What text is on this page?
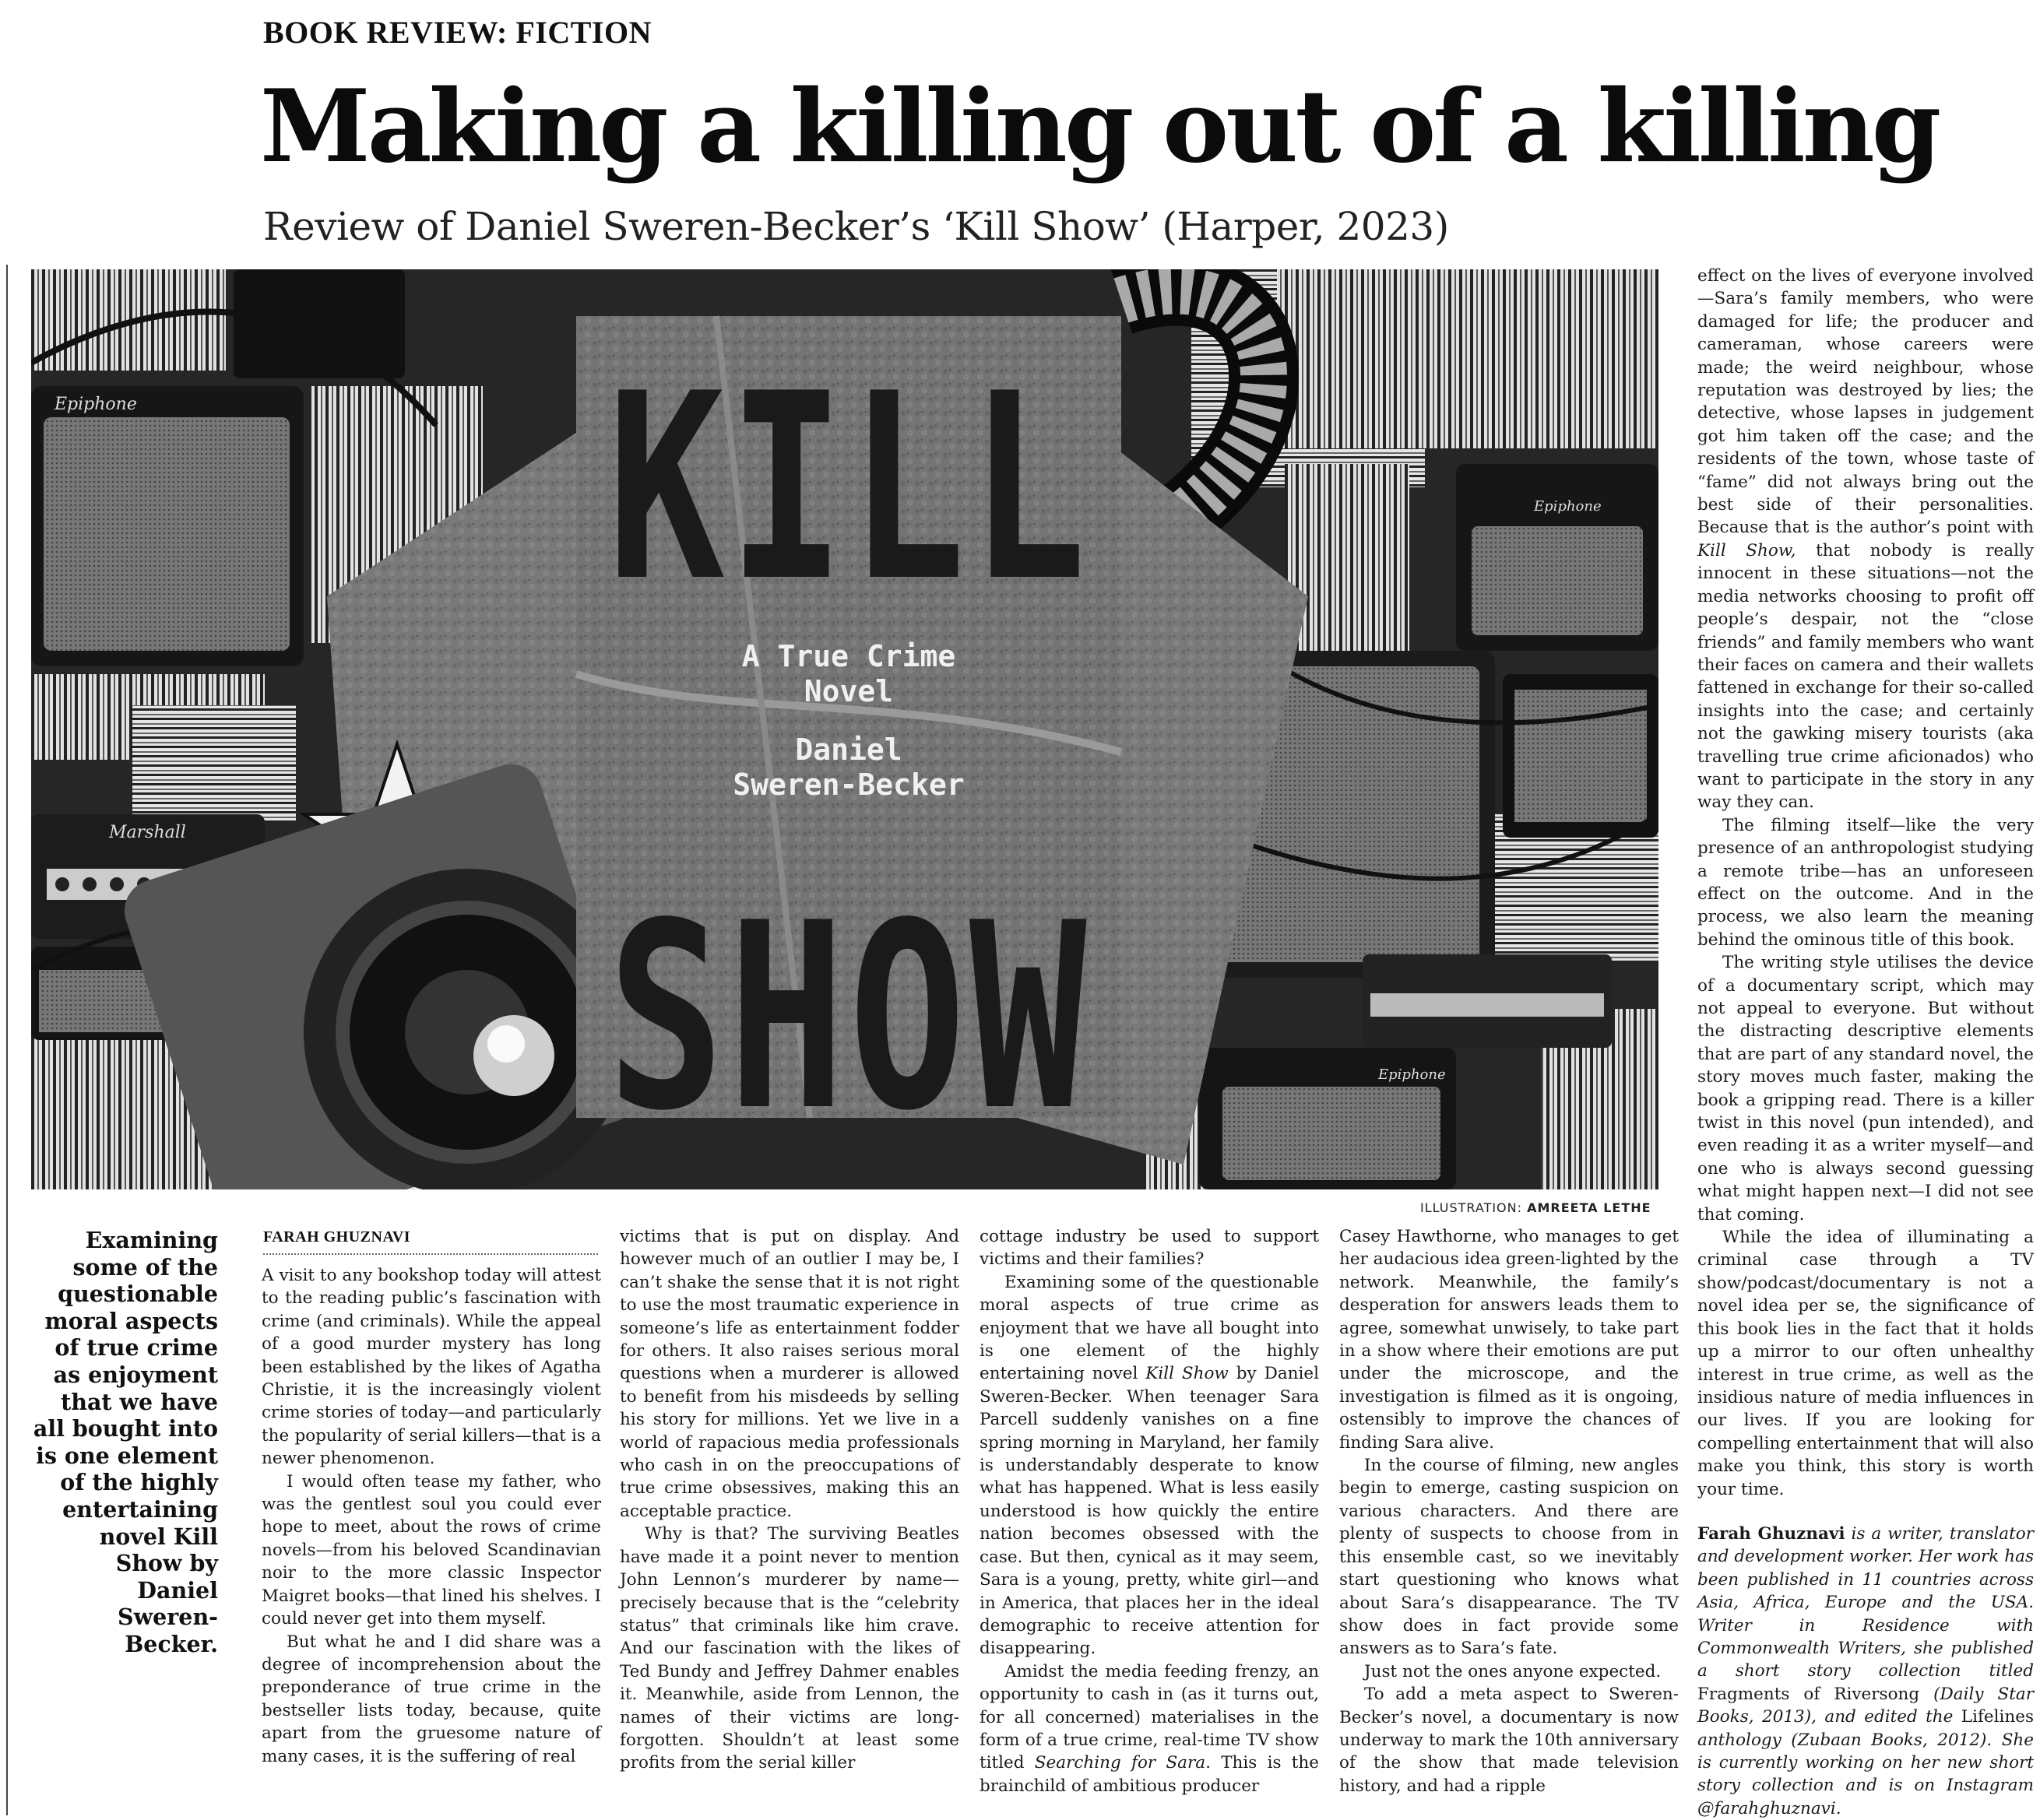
BOOK REVIEW: FICTION
Making a killing out of a killing
Review of Daniel Sweren-Becker’s ‘Kill Show’ (Harper, 2023)
Epiphone
Marshall
Epiphone
Epiphone
KILL
SHOW
A True Crime
Novel
Daniel
Sweren-Becker
ILLUSTRATION: AMREETA LETHE
Examining some of the questionable moral aspects of true crime as enjoyment that we have all bought into is one element of the highly entertaining novel Kill Show by Daniel Sweren-Becker.
FARAH GHUZNAVI

A visit to any bookshop today will attest to the reading public’s fascination with crime (and criminals). While the appeal of a good murder mystery has long been established by the likes of Agatha Christie, it is the increasingly violent crime stories of today—and particularly the popularity of serial killers—that is a newer phenomenon.

I would often tease my father, who was the gentlest soul you could ever hope to meet, about the rows of crime novels—from his beloved Scandinavian noir to the more classic Inspector Maigret books—that lined his shelves. I could never get into them myself.

But what he and I did share was a degree of incomprehension about the preponderance of true crime in the bestseller lists today, because, quite apart from the gruesome nature of many cases, it is the suffering of real

victims that is put on display. And however much of an outlier I may be, I can’t shake the sense that it is not right to use the most traumatic experience in someone’s life as entertainment fodder for others. It also raises serious moral questions when a murderer is allowed to benefit from his misdeeds by selling his story for millions. Yet we live in a world of rapacious media professionals who cash in on the preoccupations of true crime obsessives, making this an acceptable practice.

Why is that? The surviving Beatles have made it a point never to mention John Lennon’s murderer by name—precisely because that is the “celebrity status” that criminals like him crave. And our fascination with the likes of Ted Bundy and Jeffrey Dahmer enables it. Meanwhile, aside from Lennon, the names of their victims are long-forgotten. Shouldn’t at least some profits from the serial killer

cottage industry be used to support victims and their families?

Examining some of the questionable moral aspects of true crime as enjoyment that we have all bought into is one element of the highly entertaining novel Kill Show by Daniel Sweren-Becker. When teenager Sara Parcell suddenly vanishes on a fine spring morning in Maryland, her family is understandably desperate to know what has happened. What is less easily understood is how quickly the entire nation becomes obsessed with the case. But then, cynical as it may seem, Sara is a young, pretty, white girl—and in America, that places her in the ideal demographic to receive attention for disappearing.

Amidst the media feeding frenzy, an opportunity to cash in (as it turns out, for all concerned) materialises in the form of a true crime, real-time TV show titled Searching for Sara. This is the brainchild of ambitious producer

Casey Hawthorne, who manages to get her audacious idea green-lighted by the network. Meanwhile, the family’s desperation for answers leads them to agree, somewhat unwisely, to take part in a show where their emotions are put under the microscope, and the investigation is filmed as it is ongoing, ostensibly to improve the chances of finding Sara alive.

In the course of filming, new angles begin to emerge, casting suspicion on various characters. And there are plenty of suspects to choose from in this ensemble cast, so we inevitably start questioning who knows what about Sara’s disappearance. The TV show does in fact provide some answers as to Sara’s fate.

Just not the ones anyone expected.

To add a meta aspect to Sweren-Becker’s novel, a documentary is now underway to mark the 10th anniversary of the show that made television history, and had a ripple

effect on the lives of everyone involved—Sara’s family members, who were damaged for life; the producer and cameraman, whose careers were made; the weird neighbour, whose reputation was destroyed by lies; the detective, whose lapses in judgement got him taken off the case; and the residents of the town, whose taste of “fame” did not always bring out the best side of their personalities. Because that is the author’s point with Kill Show, that nobody is really innocent in these situations—not the media networks choosing to profit off people’s despair, not the “close friends” and family members who want their faces on camera and their wallets fattened in exchange for their so-called insights into the case; and certainly not the gawking misery tourists (aka travelling true crime aficionados) who want to participate in the story in any way they can.

The filming itself—like the very presence of an anthropologist studying a remote tribe—has an unforeseen effect on the outcome. And in the process, we also learn the meaning behind the ominous title of this book.

The writing style utilises the device of a documentary script, which may not appeal to everyone. But without the distracting descriptive elements that are part of any standard novel, the story moves much faster, making the book a gripping read. There is a killer twist in this novel (pun intended), and even reading it as a writer myself—and one who is always second guessing what might happen next—I did not see that coming.

While the idea of illuminating a criminal case through a TV show/podcast/documentary is not a novel idea per se, the significance of this book lies in the fact that it holds up a mirror to our often unhealthy interest in true crime, as well as the insidious nature of media influences in our lives. If you are looking for compelling entertainment that will also make you think, this story is worth your time.

Farah Ghuznavi is a writer, translator and development worker. Her work has been published in 11 countries across Asia, Africa, Europe and the USA. Writer in Residence with Commonwealth Writers, she published a short story collection titled Fragments of Riversong (Daily Star Books, 2013), and edited the Lifelines anthology (Zubaan Books, 2012). She is currently working on her new short story collection and is on Instagram @farahghuznavi.
